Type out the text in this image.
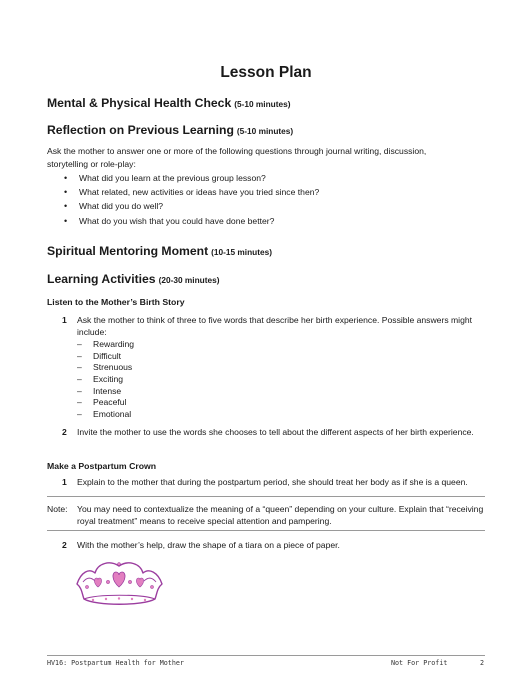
Lesson Plan
Mental & Physical Health Check (5-10 minutes)
Reflection on Previous Learning (5-10 minutes)
Ask the mother to answer one or more of the following questions through journal writing, discussion, storytelling or role-play:
• What did you learn at the previous group lesson?
• What related, new activities or ideas have you tried since then?
• What did you do well?
• What do you wish that you could have done better?
Spiritual Mentoring Moment (10-15 minutes)
Learning Activities (20-30 minutes)
Listen to the Mother’s Birth Story
1 Ask the mother to think of three to five words that describe her birth experience. Possible answers might include:
– Rewarding
– Difficult
– Strenuous
– Exciting
– Intense
– Peaceful
– Emotional
2 Invite the mother to use the words she chooses to tell about the different aspects of her birth experience.
Make a Postpartum Crown
1 Explain to the mother that during the postpartum period, she should treat her body as if she is a queen.
Note: You may need to contextualize the meaning of a “queen” depending on your culture. Explain that “receiving royal treatment” means to receive special attention and pampering.
2 With the mother’s help, draw the shape of a tiara on a piece of paper.
HV16: Postpartum Health for Mother	Not For Profit	2
